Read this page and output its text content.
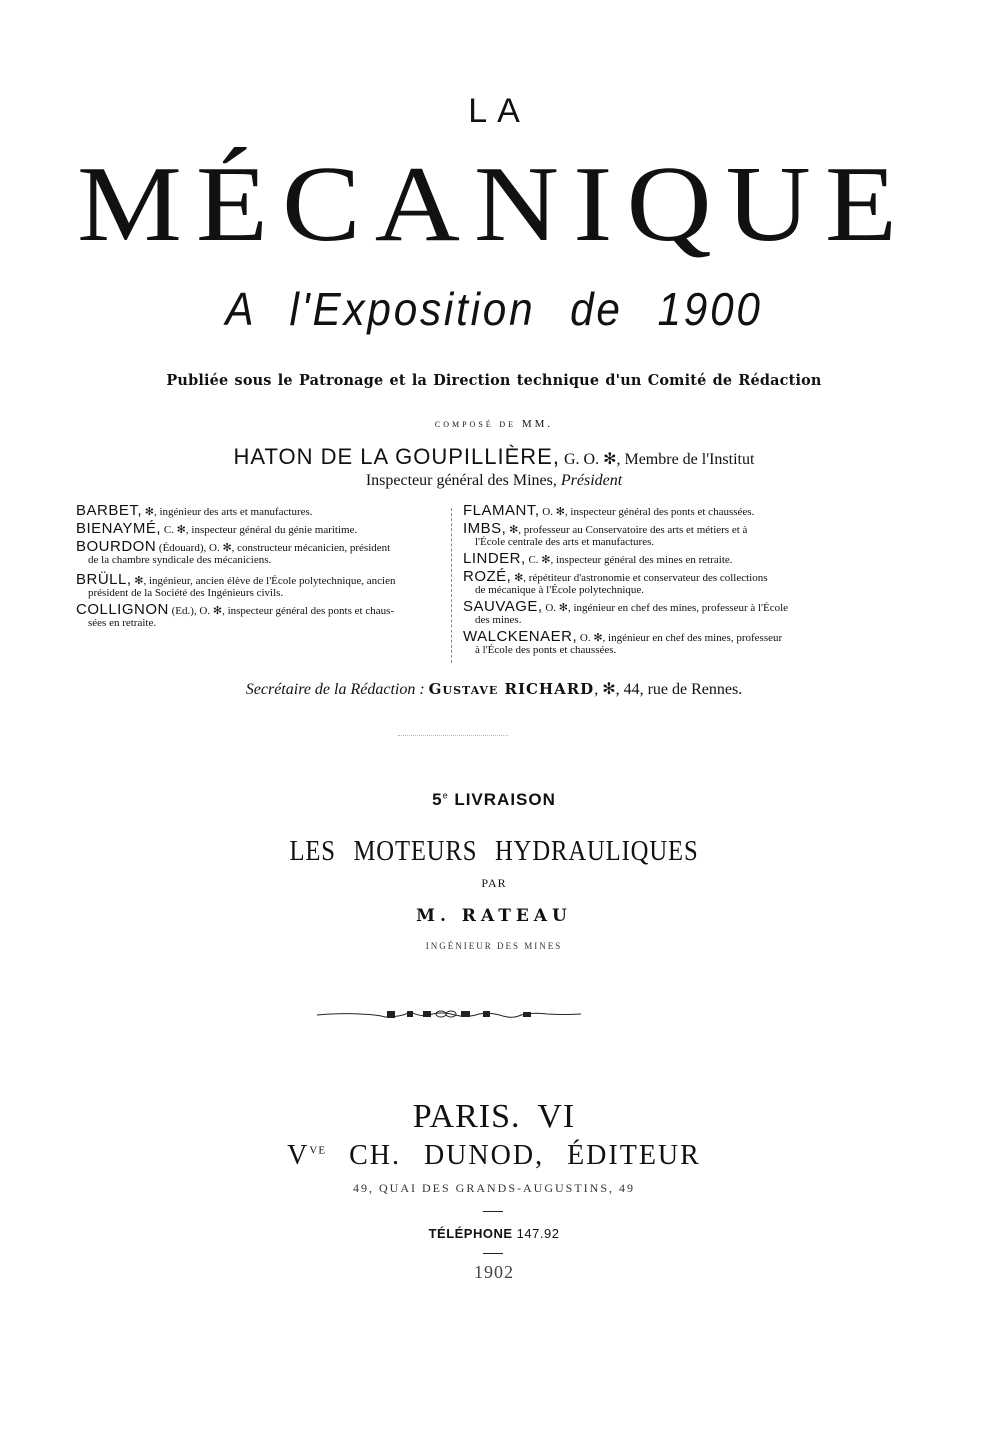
LA
MÉCANIQUE
A l'Exposition de 1900
Publiée sous le Patronage et la Direction technique d'un Comité de Rédaction
composé de MM.
HATON DE LA GOUPILLIÈRE, G. O. ✻, Membre de l'Institut
Inspecteur général des Mines, Président
BARBET, ✻, ingénieur des arts et manufactures.
BIENAYMÉ, C. ✻, inspecteur général du génie maritime.
BOURDON (Édouard), O. ✻, constructeur mécanicien, président
de la chambre syndicale des mécaniciens.
BRÜLL, ✻, ingénieur, ancien élève de l'École polytechnique, ancien
président de la Société des Ingénieurs civils.
COLLIGNON (Ed.), O. ✻, inspecteur général des ponts et chaus-
sées en retraite.
FLAMANT, O. ✻, inspecteur général des ponts et chaussées.
IMBS, ✻, professeur au Conservatoire des arts et métiers et à
l'École centrale des arts et manufactures.
LINDER, C. ✻, inspecteur général des mines en retraite.
ROZÉ, ✻, répétiteur d'astronomie et conservateur des collections
de mécanique à l'École polytechnique.
SAUVAGE, O. ✻, ingénieur en chef des mines, professeur à l'École
des mines.
WALCKENAER, O. ✻, ingénieur en chef des mines, professeur
à l'École des ponts et chaussées.
Secrétaire de la Rédaction : Gustave RICHARD, ✻, 44, rue de Rennes.
5e LIVRAISON
LES MOTEURS HYDRAULIQUES
PAR
M. RATEAU
INGÉNIEUR DES MINES
PARIS. VI
$V^{VE}$ CH. DUNOD, ÉDITEUR
49, QUAI DES GRANDS-AUGUSTINS, 49
TÉLÉPHONE 147.92
1902
